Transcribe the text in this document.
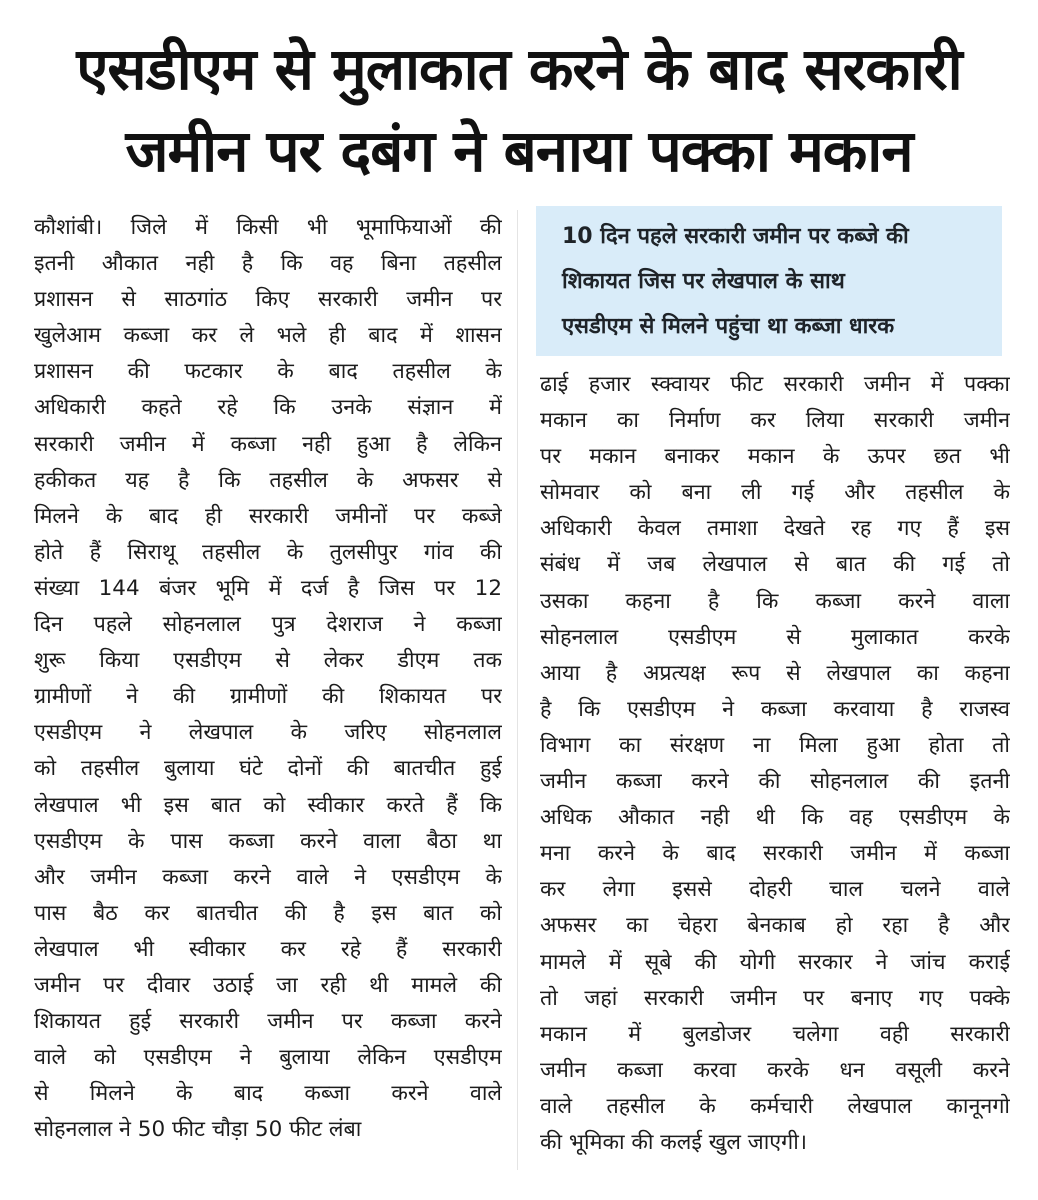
एसडीएम से मुलाकात करने के बाद सरकारी
जमीन पर दबंग ने बनाया पक्का मकान
कौशांबी। जिले में किसी भी भूमाफियाओं की
इतनी औकात नही है कि वह बिना तहसील
प्रशासन से साठगांठ किए सरकारी जमीन पर
खुलेआम कब्जा कर ले भले ही बाद में शासन
प्रशासन की फटकार के बाद तहसील के
अधिकारी कहते रहे कि उनके संज्ञान में
सरकारी जमीन में कब्जा नही हुआ है लेकिन
हकीकत यह है कि तहसील के अफसर से
मिलने के बाद ही सरकारी जमीनों पर कब्जे
होते हैं सिराथू तहसील के तुलसीपुर गांव की
संख्या 144 बंजर भूमि में दर्ज है जिस पर 12
दिन पहले सोहनलाल पुत्र देशराज ने कब्जा
शुरू किया एसडीएम से लेकर डीएम तक
ग्रामीणों ने की ग्रामीणों की शिकायत पर
एसडीएम ने लेखपाल के जरिए सोहनलाल
को तहसील बुलाया घंटे दोनों की बातचीत हुई
लेखपाल भी इस बात को स्वीकार करते हैं कि
एसडीएम के पास कब्जा करने वाला बैठा था
और जमीन कब्जा करने वाले ने एसडीएम के
पास बैठ कर बातचीत की है इस बात को
लेखपाल भी स्वीकार कर रहे हैं सरकारी
जमीन पर दीवार उठाई जा रही थी मामले की
शिकायत हुई सरकारी जमीन पर कब्जा करने
वाले को एसडीएम ने बुलाया लेकिन एसडीएम
से मिलने के बाद कब्जा करने वाले
सोहनलाल ने 50 फीट चौड़ा 50 फीट लंबा
10 दिन पहले सरकारी जमीन पर कब्जे की
शिकायत जिस पर लेखपाल के साथ
एसडीएम से मिलने पहुंचा था कब्जा धारक
ढाई हजार स्क्वायर फीट सरकारी जमीन में पक्का
मकान का निर्माण कर लिया सरकारी जमीन
पर मकान बनाकर मकान के ऊपर छत भी
सोमवार को बना ली गई और तहसील के
अधिकारी केवल तमाशा देखते रह गए हैं इस
संबंध में जब लेखपाल से बात की गई तो
उसका कहना है कि कब्जा करने वाला
सोहनलाल एसडीएम से मुलाकात करके
आया है अप्रत्यक्ष रूप से लेखपाल का कहना
है कि एसडीएम ने कब्जा करवाया है राजस्व
विभाग का संरक्षण ना मिला हुआ होता तो
जमीन कब्जा करने की सोहनलाल की इतनी
अधिक औकात नही थी कि वह एसडीएम के
मना करने के बाद सरकारी जमीन में कब्जा
कर लेगा इससे दोहरी चाल चलने वाले
अफसर का चेहरा बेनकाब हो रहा है और
मामले में सूबे की योगी सरकार ने जांच कराई
तो जहां सरकारी जमीन पर बनाए गए पक्के
मकान में बुलडोजर चलेगा वही सरकारी
जमीन कब्जा करवा करके धन वसूली करने
वाले तहसील के कर्मचारी लेखपाल कानूनगो
की भूमिका की कलई खुल जाएगी।
